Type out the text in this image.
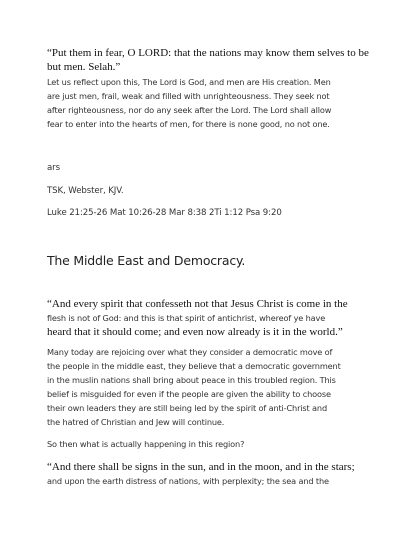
“Put them in fear, O LORD: that the nations may know them selves to be
but men. Selah.”
Let us reflect upon this, The Lord is God, and men are His creation. Men
are just men, frail, weak and filled with unrighteousness. They seek not
after righteousness, nor do any seek after the Lord. The Lord shall allow
fear to enter into the hearts of men, for there is none good, no not one.
ars
TSK, Webster, KJV.
Luke 21:25-26 Mat 10:26-28 Mar 8:38 2Ti 1:12 Psa 9:20
The Middle East and Democracy.
“And every spirit that confesseth not that Jesus Christ is come in the
flesh is not of God: and this is that spirit of antichrist, whereof ye have
heard that it should come; and even now already is it in the world.”
Many today are rejoicing over what they consider a democratic move of
the people in the middle east, they believe that a democratic government
in the muslin nations shall bring about peace in this troubled region. This
belief is misguided for even if the people are given the ability to choose
their own leaders they are still being led by the spirit of anti-Christ and
the hatred of Christian and Jew will continue.
So then what is actually happening in this region?
“And there shall be signs in the sun, and in the moon, and in the stars;
and upon the earth distress of nations, with perplexity; the sea and the
